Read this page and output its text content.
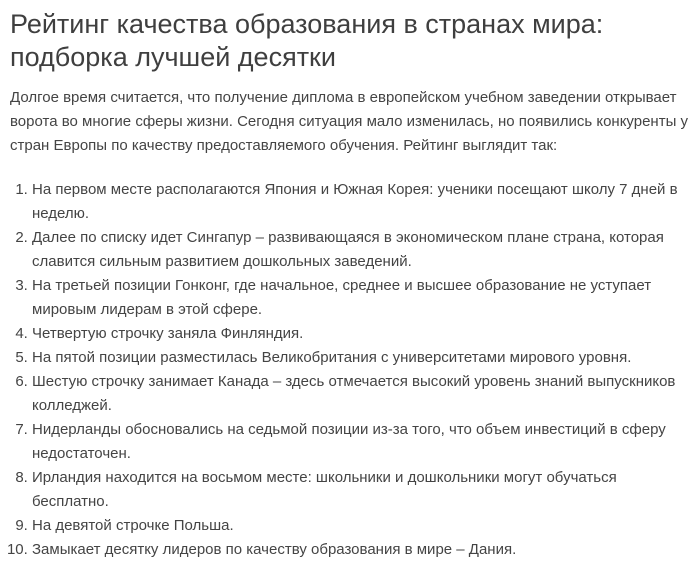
Рейтинг качества образования в странах мира: подборка лучшей десятки

Долгое время считается, что получение диплома в европейском учебном заведении открывает ворота во многие сферы жизни. Сегодня ситуация мало изменилась, но появились конкуренты у стран Европы по качеству предоставляемого обучения. Рейтинг выглядит так:

1. На первом месте располагаются Япония и Южная Корея: ученики посещают школу 7 дней в неделю.
2. Далее по списку идет Сингапур – развивающаяся в экономическом плане страна, которая славится сильным развитием дошкольных заведений.
3. На третьей позиции Гонконг, где начальное, среднее и высшее образование не уступает мировым лидерам в этой сфере.
4. Четвертую строчку заняла Финляндия.
5. На пятой позиции разместилась Великобритания с университетами мирового уровня.
6. Шестую строчку занимает Канада – здесь отмечается высокий уровень знаний выпускников колледжей.
7. Нидерланды обосновались на седьмой позиции из-за того, что объем инвестиций в сферу недостаточен.
8. Ирландия находится на восьмом месте: школьники и дошкольники могут обучаться бесплатно.
9. На девятой строчке Польша.
10. Замыкает десятку лидеров по качеству образования в мире – Дания.
